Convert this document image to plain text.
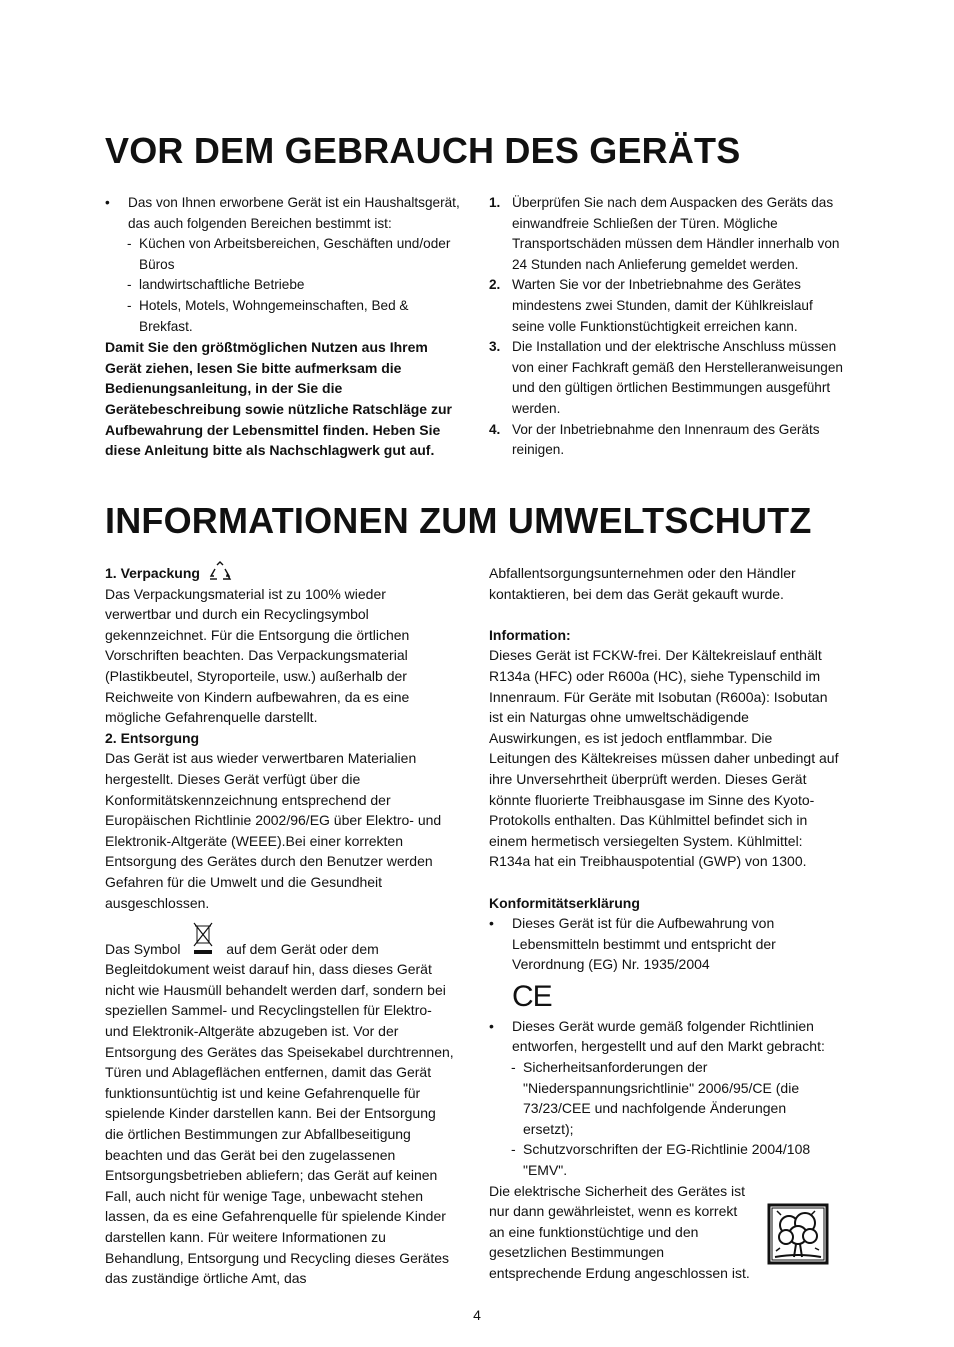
VOR DEM GEBRAUCH DES GERÄTS
• Das von Ihnen erworbene Gerät ist ein Haushaltsgerät,
das auch folgenden Bereichen bestimmt ist:
- Küchen von Arbeitsbereichen, Geschäften und/oder
Büros
- landwirtschaftliche Betriebe
- Hotels, Motels, Wohngemeinschaften, Bed &
Brekfast.
Damit Sie den größtmöglichen Nutzen aus Ihrem
Gerät ziehen, lesen Sie bitte aufmerksam die
Bedienungsanleitung, in der Sie die
Gerätebeschreibung sowie nützliche Ratschläge zur
Aufbewahrung der Lebensmittel finden. Heben Sie
diese Anleitung bitte als Nachschlagwerk gut auf.
1. Überprüfen Sie nach dem Auspacken des Geräts das
einwandfreie Schließen der Türen. Mögliche
Transportschäden müssen dem Händler innerhalb von
24 Stunden nach Anlieferung gemeldet werden.
2. Warten Sie vor der Inbetriebnahme des Gerätes
mindestens zwei Stunden, damit der Kühlkreislauf
seine volle Funktionstüchtigkeit erreichen kann.
3. Die Installation und der elektrische Anschluss müssen
von einer Fachkraft gemäß den Herstelleranweisungen
und den gültigen örtlichen Bestimmungen ausgeführt
werden.
4. Vor der Inbetriebnahme den Innenraum des Geräts
reinigen.
INFORMATIONEN ZUM UMWELTSCHUTZ
1. Verpackung
Das Verpackungsmaterial ist zu 100% wieder
verwertbar und durch ein Recyclingsymbol
gekennzeichnet. Für die Entsorgung die örtlichen
Vorschriften beachten. Das Verpackungsmaterial
(Plastikbeutel, Styroporteile, usw.) außerhalb der
Reichweite von Kindern aufbewahren, da es eine
mögliche Gefahrenquelle darstellt.
2. Entsorgung
Das Gerät ist aus wieder verwertbaren Materialien
hergestellt. Dieses Gerät verfügt über die
Konformitätskennzeichnung entsprechend der
Europäischen Richtlinie 2002/96/EG über Elektro- und
Elektronik-Altgeräte (WEEE).Bei einer korrekten
Entsorgung des Gerätes durch den Benutzer werden
Gefahren für die Umwelt und die Gesundheit
ausgeschlossen.
Das Symbol	auf dem Gerät oder dem
Begleitdokument weist darauf hin, dass dieses Gerät
nicht wie Hausmüll behandelt werden darf, sondern bei
speziellen Sammel- und Recyclingstellen für Elektro-
und Elektronik-Altgeräte abzugeben ist. Vor der
Entsorgung des Gerätes das Speisekabel durchtrennen,
Türen und Ablageflächen entfernen, damit das Gerät
funktionsuntüchtig ist und keine Gefahrenquelle für
spielende Kinder darstellen kann. Bei der Entsorgung
die örtlichen Bestimmungen zur Abfallbeseitigung
beachten und das Gerät bei den zugelassenen
Entsorgungsbetrieben abliefern; das Gerät auf keinen
Fall, auch nicht für wenige Tage, unbewacht stehen
lassen, da es eine Gefahrenquelle für spielende Kinder
darstellen kann. Für weitere Informationen zu
Behandlung, Entsorgung und Recycling dieses Gerätes
das zuständige örtliche Amt, das
Abfallentsorgungsunternehmen oder den Händler
kontaktieren, bei dem das Gerät gekauft wurde.
Information:
Dieses Gerät ist FCKW-frei. Der Kältekreislauf enthält
R134a (HFC) oder R600a (HC), siehe Typenschild im
Innenraum. Für Geräte mit Isobutan (R600a): Isobutan
ist ein Naturgas ohne umweltschädigende
Auswirkungen, es ist jedoch entflammbar. Die
Leitungen des Kältekreises müssen daher unbedingt auf
ihre Unversehrtheit überprüft werden. Dieses Gerät
könnte fluorierte Treibhausgase im Sinne des Kyoto-
Protokolls enthalten. Das Kühlmittel befindet sich in
einem hermetisch versiegelten System. Kühlmittel:
R134a hat ein Treibhauspotential (GWP) von 1300.
Konformitätserklärung
• Dieses Gerät ist für die Aufbewahrung von
Lebensmitteln bestimmt und entspricht der
Verordnung (EG) Nr. 1935/2004
CE
• Dieses Gerät wurde gemäß folgender Richtlinien
entworfen, hergestellt und auf den Markt gebracht:
- Sicherheitsanforderungen der
"Niederspannungsrichtlinie" 2006/95/CE (die
73/23/CEE und nachfolgende Änderungen
ersetzt);
- Schutzvorschriften der EG-Richtlinie 2004/108
"EMV".
Die elektrische Sicherheit des Gerätes ist
nur dann gewährleistet, wenn es korrekt
an eine funktionstüchtige und den
gesetzlichen Bestimmungen
entsprechende Erdung angeschlossen ist.
4
